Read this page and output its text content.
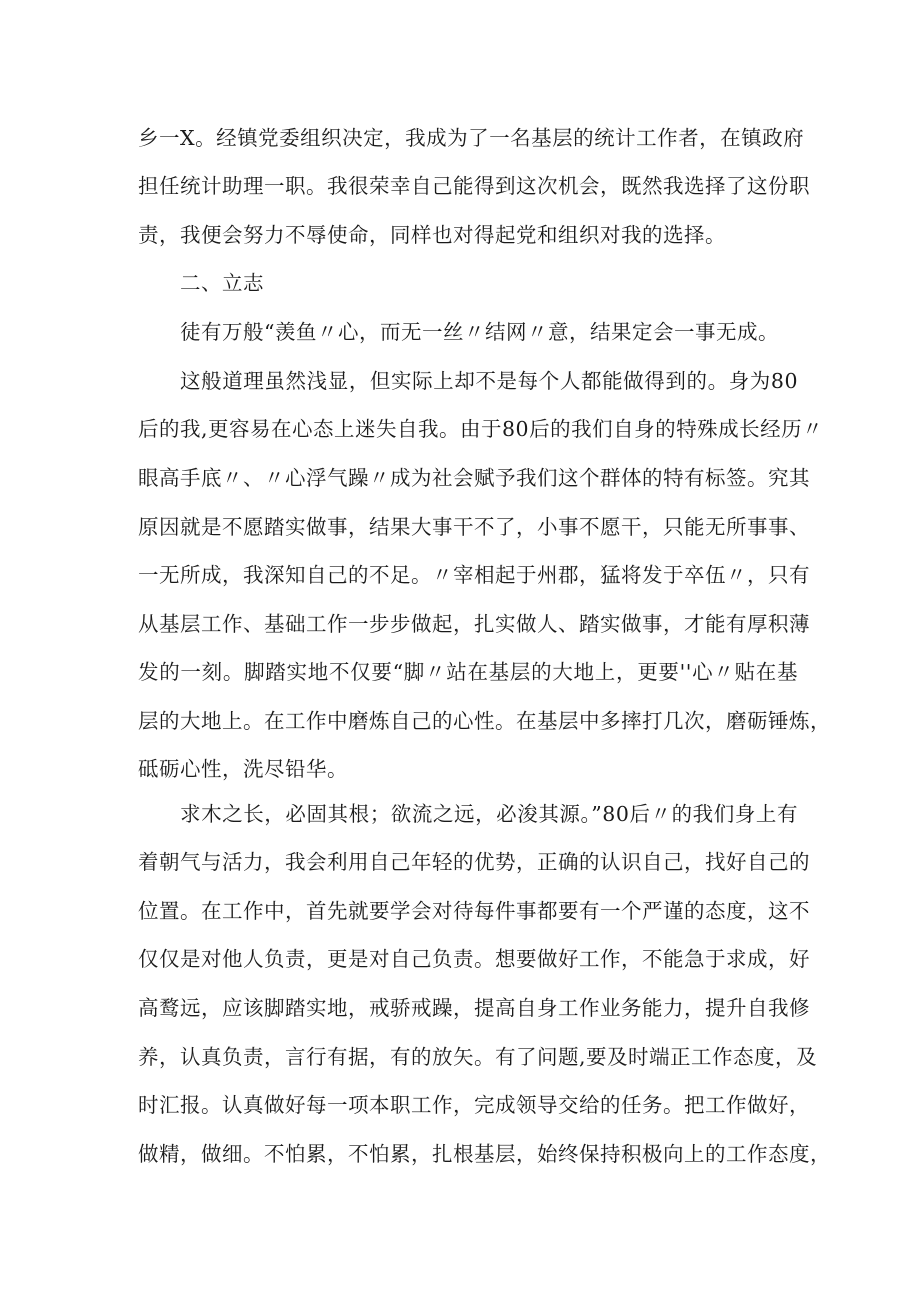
乡一X。经镇党委组织决定，我成为了一名基层的统计工作者，在镇政府
担任统计助理一职。我很荣幸自己能得到这次机会，既然我选择了这份职
责，我便会努力不辱使命，同样也对得起党和组织对我的选择。
二、立志
徒有万般“羡鱼〃心，而无一丝〃结网〃意，结果定会一事无成。
这般道理虽然浅显，但实际上却不是每个人都能做得到的。身为80
后的我,更容易在心态上迷失自我。由于80后的我们自身的特殊成长经历〃
眼高手底〃、〃心浮气躁〃成为社会赋予我们这个群体的特有标签。究其
原因就是不愿踏实做事，结果大事干不了，小事不愿干，只能无所事事、
一无所成，我深知自己的不足。〃宰相起于州郡，猛将发于卒伍〃，只有
从基层工作、基础工作一步步做起，扎实做人、踏实做事，才能有厚积薄
发的一刻。脚踏实地不仅要“脚〃站在基层的大地上，更要''心〃贴在基
层的大地上。在工作中磨炼自己的心性。在基层中多摔打几次，磨砺锤炼，
砥砺心性，洗尽铅华。
求木之长，必固其根；欲流之远，必浚其源。”80后〃的我们身上有
着朝气与活力，我会利用自己年轻的优势，正确的认识自己，找好自己的
位置。在工作中，首先就要学会对待每件事都要有一个严谨的态度，这不
仅仅是对他人负责，更是对自己负责。想要做好工作，不能急于求成，好
高鹜远，应该脚踏实地，戒骄戒躁，提高自身工作业务能力，提升自我修
养，认真负责，言行有据，有的放矢。有了问题,要及时端正工作态度，及
时汇报。认真做好每一项本职工作，完成领导交给的任务。把工作做好，
做精，做细。不怕累，不怕累，扎根基层，始终保持积极向上的工作态度，
